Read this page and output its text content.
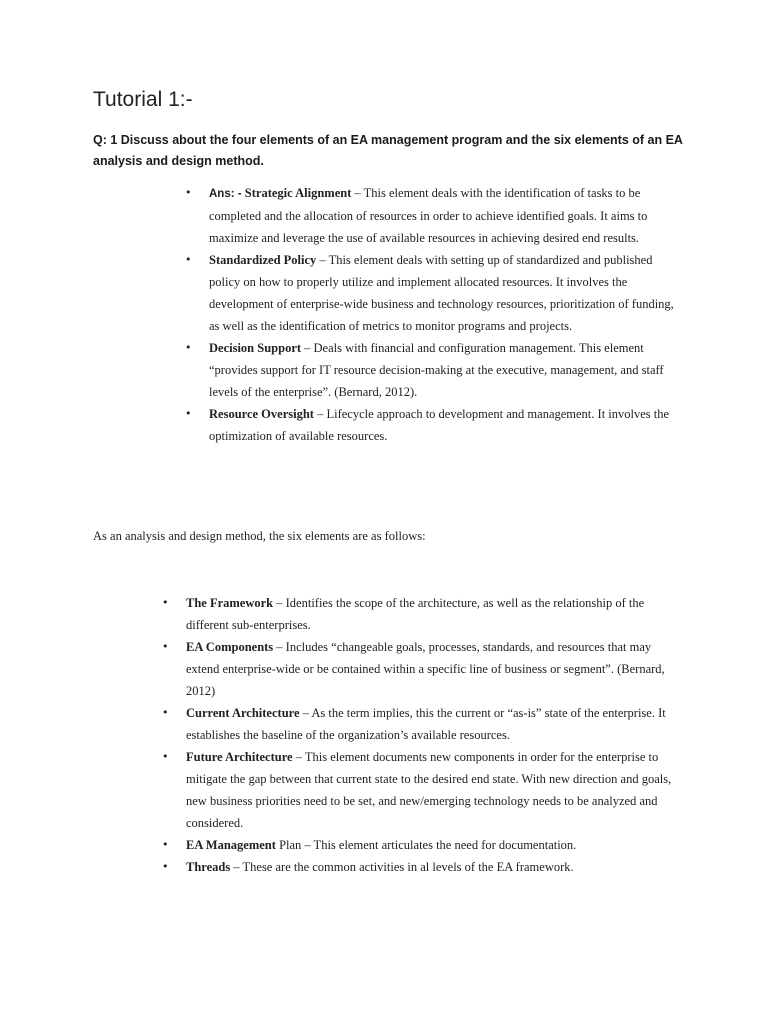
Tutorial 1:-

Q: 1 Discuss about the four elements of an EA management program and the six elements of an EA analysis and design method.

• Ans: - Strategic Alignment – This element deals with the identification of tasks to be completed and the allocation of resources in order to achieve identified goals. It aims to maximize and leverage the use of available resources in achieving desired end results.
• Standardized Policy – This element deals with setting up of standardized and published policy on how to properly utilize and implement allocated resources. It involves the development of enterprise-wide business and technology resources, prioritization of funding, as well as the identification of metrics to monitor programs and projects.
• Decision Support – Deals with financial and configuration management. This element “provides support for IT resource decision-making at the executive, management, and staff levels of the enterprise”. (Bernard, 2012).
• Resource Oversight – Lifecycle approach to development and management. It involves the optimization of available resources.

As an analysis and design method, the six elements are as follows:

• The Framework – Identifies the scope of the architecture, as well as the relationship of the different sub-enterprises.
• EA Components – Includes “changeable goals, processes, standards, and resources that may extend enterprise-wide or be contained within a specific line of business or segment”. (Bernard, 2012)
• Current Architecture – As the term implies, this the current or “as-is” state of the enterprise. It establishes the baseline of the organization’s available resources.
• Future Architecture – This element documents new components in order for the enterprise to mitigate the gap between that current state to the desired end state. With new direction and goals, new business priorities need to be set, and new/emerging technology needs to be analyzed and considered.
• EA Management Plan – This element articulates the need for documentation.
• Threads – These are the common activities in al levels of the EA framework.
